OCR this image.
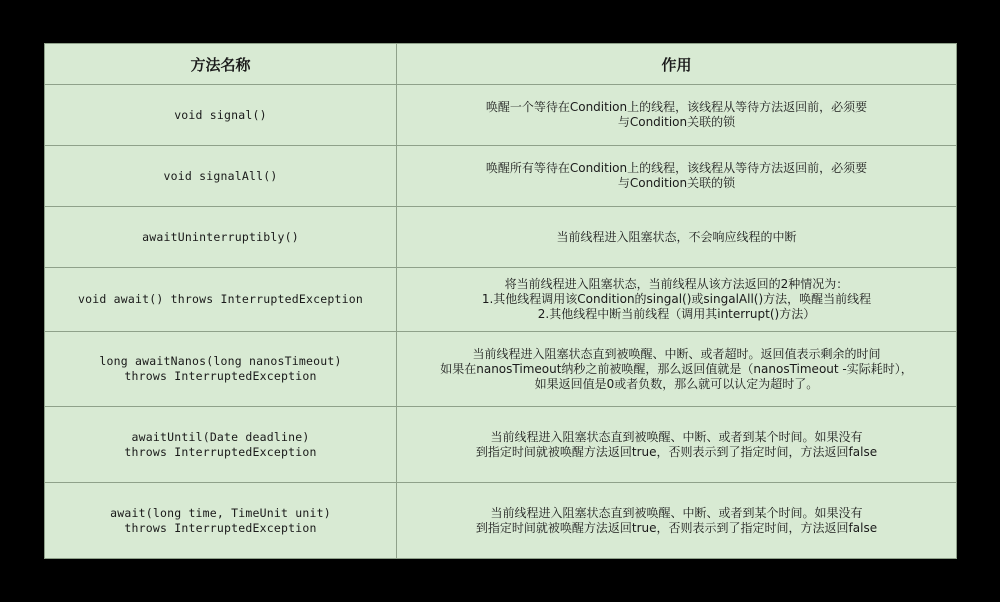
方法名称	作用

void signal()	唤醒一个等待在Condition上的线程，该线程从等待方法返回前，必须要
与Condition关联的锁

void signalAll()	唤醒所有等待在Condition上的线程，该线程从等待方法返回前，必须要
与Condition关联的锁

awaitUninterruptibly()	当前线程进入阻塞状态，不会响应线程的中断

void await() throws InterruptedException	将当前线程进入阻塞状态，当前线程从该方法返回的2种情况为：
1.其他线程调用该Condition的singal()或singalAll()方法，唤醒当前线程
2.其他线程中断当前线程（调用其interrupt()方法）

long awaitNanos(long nanosTimeout)
throws InterruptedException	当前线程进入阻塞状态直到被唤醒、中断、或者超时。返回值表示剩余的时间
如果在nanosTimeout纳秒之前被唤醒，那么返回值就是（nanosTimeout -实际耗时），
如果返回值是0或者负数，那么就可以认定为超时了。

awaitUntil(Date deadline)
throws InterruptedException	当前线程进入阻塞状态直到被唤醒、中断、或者到某个时间。如果没有
到指定时间就被唤醒方法返回true，否则表示到了指定时间，方法返回false

await(long time, TimeUnit unit)
throws InterruptedException	当前线程进入阻塞状态直到被唤醒、中断、或者到某个时间。如果没有
到指定时间就被唤醒方法返回true，否则表示到了指定时间，方法返回false
